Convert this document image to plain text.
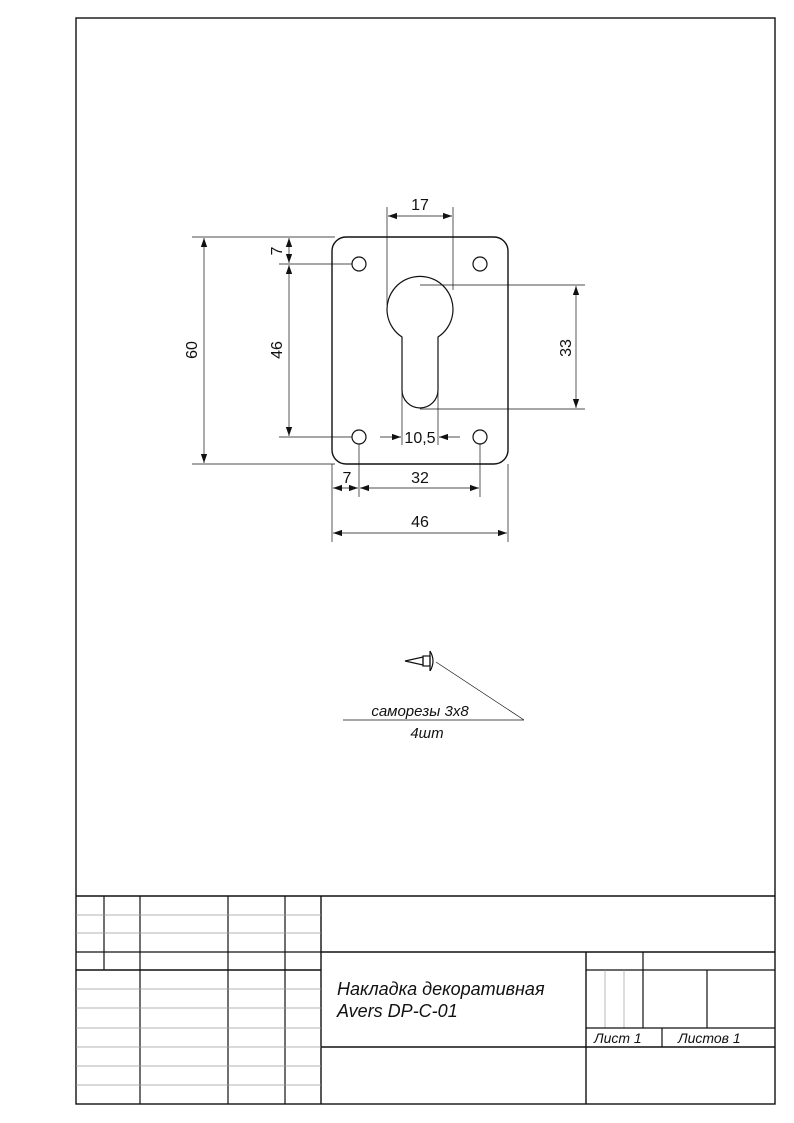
17
60
7
46	33
10,5
7	32
46
саморезы 3х8
4шт
Накладка декоративная
Avers DP-C-01
Лист 1	Листов 1
